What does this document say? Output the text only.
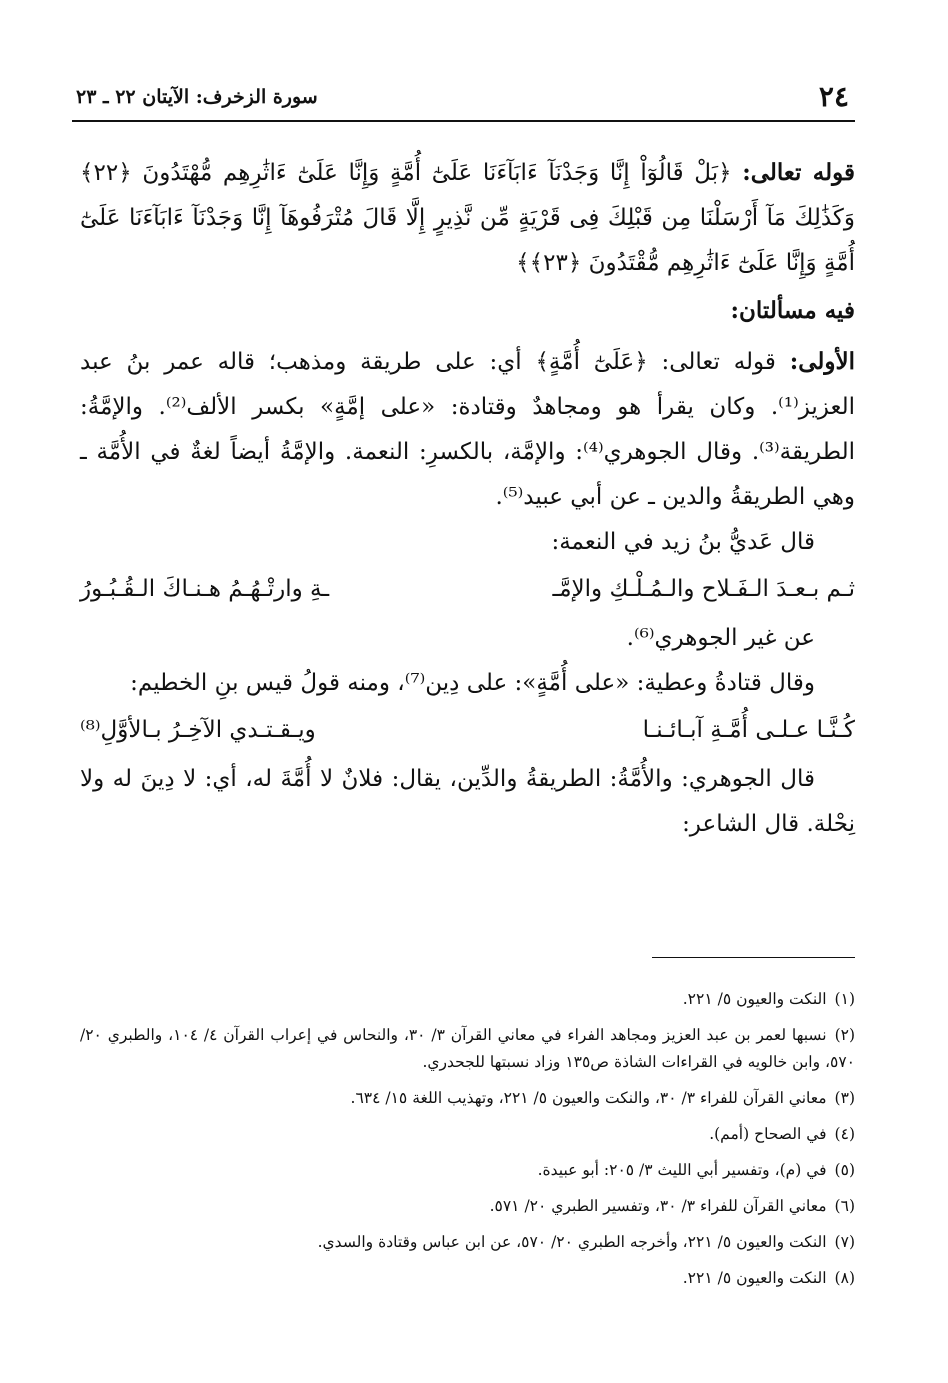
٢٤
سورة الزخرف: الآيتان ٢٢ ـ ٢٣

قوله تعالى: ﴿بَلْ قَالُوٓاْ إِنَّا وَجَدْنَآ ءَابَآءَنَا عَلَىٰٓ أُمَّةٍ وَإِنَّا عَلَىٰٓ ءَاثَٰرِهِم مُّهْتَدُونَ ﴿٢٢﴾ وَكَذَٰلِكَ مَآ أَرْسَلْنَا مِن قَبْلِكَ فِى قَرْيَةٍ مِّن نَّذِيرٍ إِلَّا قَالَ مُتْرَفُوهَآ إِنَّا وَجَدْنَآ ءَابَآءَنَا عَلَىٰٓ أُمَّةٍ وَإِنَّا عَلَىٰٓ ءَاثَٰرِهِم مُّقْتَدُونَ ﴿٢٣﴾﴾

فيه مسألتان:

الأولى: قوله تعالى: ﴿عَلَىٰٓ أُمَّةٍ﴾ أي: على طريقة ومذهب؛ قاله عمر بنُ عبد العزيز⁽¹⁾. وكان يقرأ هو ومجاهدٌ وقتادة: «على إمَّةٍ» بكسر الألف⁽²⁾. والإمَّةُ: الطريقة⁽³⁾. وقال الجوهري⁽⁴⁾: والإمَّة، بالكسرِ: النعمة. والإمَّةُ أيضاً لغةٌ في الأُمَّة ـ وهي الطريقةُ والدين ـ عن أبي عبيد⁽⁵⁾.

قال عَديُّ بنُ زيد في النعمة:

ثـم بـعـدَ الـفَـلاح والـمُـلْـكِ والإمَّـ
ـةِ وارتْـهُـمُ هـنـاكَ الـقُـبُـورُ

عن غير الجوهري⁽⁶⁾.

وقال قتادةُ وعطية: «على أُمَّةٍ»: على دِين⁽⁷⁾، ومنه قولُ قيس بنِ الخطيم:

كُـنَّـا عـلـى أُمَّـةِ آبـائـنـا
ويـقـتـدي الآخِـرُ بـالأوَّلِ⁽⁸⁾

قال الجوهري: والأُمَّةُ: الطريقةُ والدِّين، يقال: فلانٌ لا أُمَّةَ له، أي: لا دِينَ له ولا نِحْلة. قال الشاعر:

(١)النكت والعيون ٥/ ٢٢١.
(٢)نسبها لعمر بن عبد العزيز ومجاهد الفراء في معاني القرآن ٣/ ٣٠، والنحاس في إعراب القرآن ٤/ ١٠٤، والطبري ٢٠/ ٥٧٠، وابن خالويه في القراءات الشاذة ص١٣٥ وزاد نسبتها للجحدري.
(٣)معاني القرآن للفراء ٣/ ٣٠، والنكت والعيون ٥/ ٢٢١، وتهذيب اللغة ١٥/ ٦٣٤.
(٤)في الصحاح (أمم).
(٥)في (م)، وتفسير أبي الليث ٣/ ٢٠٥: أبو عبيدة.
(٦)معاني القرآن للفراء ٣/ ٣٠، وتفسير الطبري ٢٠/ ٥٧١.
(٧)النكت والعيون ٥/ ٢٢١، وأخرجه الطبري ٢٠/ ٥٧٠، عن ابن عباس وقتادة والسدي.
(٨)النكت والعيون ٥/ ٢٢١.
